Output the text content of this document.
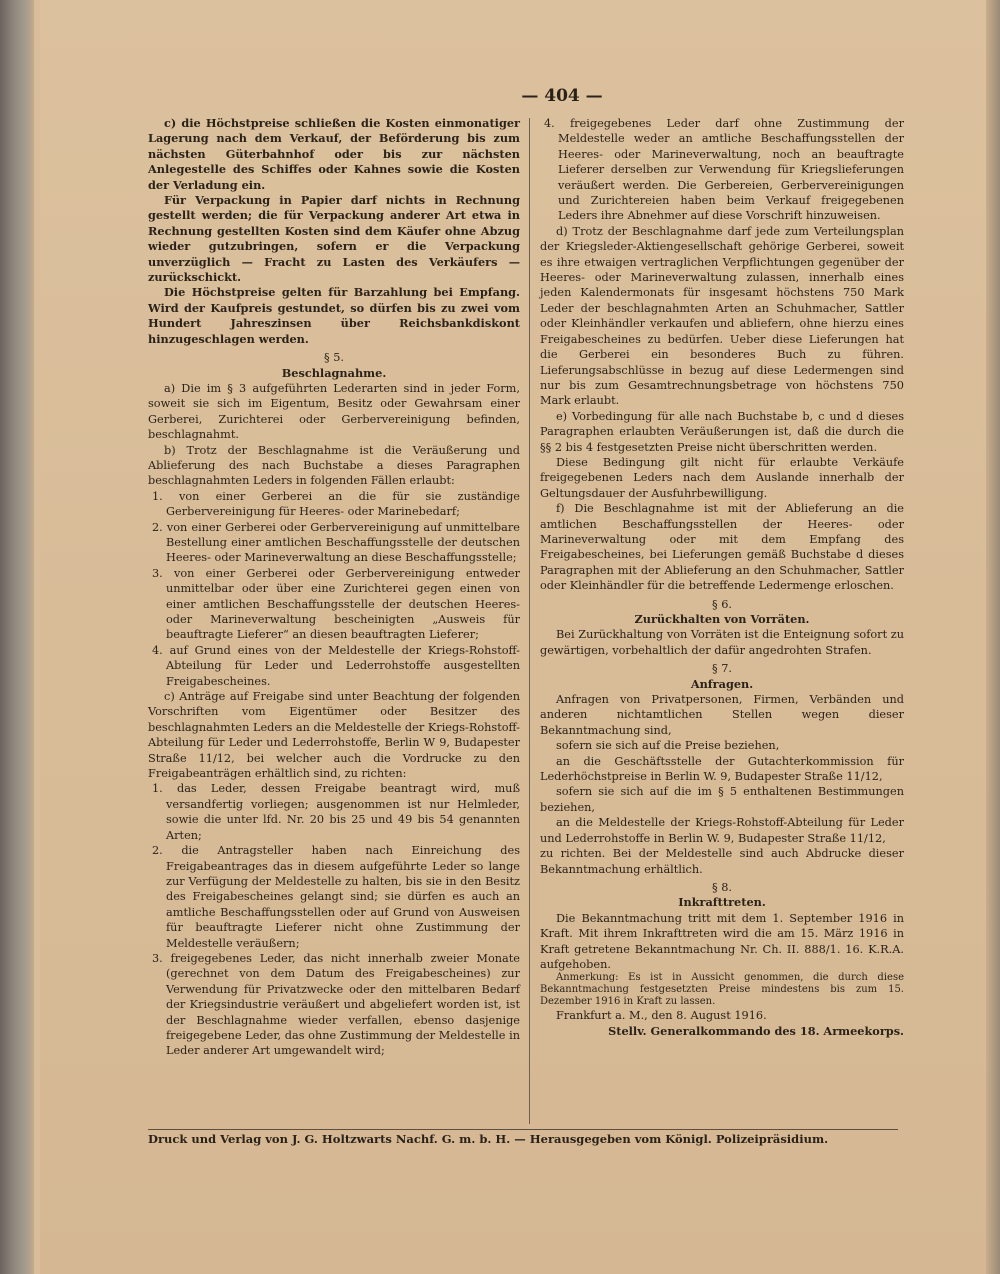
— 404 —

c) die Höchstpreise schließen die Kosten einmonatiger Lagerung nach dem Verkauf, der Beförderung bis zum nächsten Güterbahnhof oder bis zur nächsten Anlegestelle des Schiffes oder Kahnes sowie die Kosten der Verladung ein.

Für Verpackung in Papier darf nichts in Rechnung gestellt werden; die für Verpackung anderer Art etwa in Rechnung gestellten Kosten sind dem Käufer ohne Abzug wieder gutzubringen, sofern er die Verpackung unverzüglich — Fracht zu Lasten des Verkäufers — zurückschickt.

Die Höchstpreise gelten für Barzahlung bei Empfang. Wird der Kaufpreis gestundet, so dürfen bis zu zwei vom Hundert Jahreszinsen über Reichsbankdiskont hinzugeschlagen werden.

§ 5.

Beschlagnahme.

a) Die im § 3 aufgeführten Lederarten sind in jeder Form, soweit sie sich im Eigentum, Besitz oder Gewahrsam einer Gerberei, Zurichterei oder Gerbervereinigung befinden, beschlagnahmt.

b) Trotz der Beschlagnahme ist die Veräußerung und Ablieferung des nach Buchstabe a dieses Paragraphen beschlagnahmten Leders in folgenden Fällen erlaubt:

1. von einer Gerberei an die für sie zuständige Gerbervereinigung für Heeres- oder Marinebedarf;

2. von einer Gerberei oder Gerbervereinigung auf unmittelbare Bestellung einer amtlichen Beschaffungsstelle der deutschen Heeres- oder Marineverwaltung an diese Beschaffungsstelle;

3. von einer Gerberei oder Gerbervereinigung entweder unmittelbar oder über eine Zurichterei gegen einen von einer amtlichen Beschaffungsstelle der deutschen Heeres- oder Marineverwaltung bescheinigten „Ausweis für beauftragte Lieferer“ an diesen beauftragten Lieferer;

4. auf Grund eines von der Meldestelle der Kriegs-Rohstoff-Abteilung für Leder und Lederrohstoffe ausgestellten Freigabescheines.

c) Anträge auf Freigabe sind unter Beachtung der folgenden Vorschriften vom Eigentümer oder Besitzer des beschlagnahmten Leders an die Meldestelle der Kriegs-Rohstoff-Abteilung für Leder und Lederrohstoffe, Berlin W 9, Budapester Straße 11/12, bei welcher auch die Vordrucke zu den Freigabeanträgen erhältlich sind, zu richten:

1. das Leder, dessen Freigabe beantragt wird, muß versandfertig vorliegen; ausgenommen ist nur Helmleder, sowie die unter lfd. Nr. 20 bis 25 und 49 bis 54 genannten Arten;

2. die Antragsteller haben nach Einreichung des Freigabeantrages das in diesem aufgeführte Leder so lange zur Verfügung der Meldestelle zu halten, bis sie in den Besitz des Freigabescheines gelangt sind; sie dürfen es auch an amtliche Beschaffungsstellen oder auf Grund von Ausweisen für beauftragte Lieferer nicht ohne Zustimmung der Meldestelle veräußern;

3. freigegebenes Leder, das nicht innerhalb zweier Monate (gerechnet von dem Datum des Freigabescheines) zur Verwendung für Privatzwecke oder den mittelbaren Bedarf der Kriegsindustrie veräußert und abgeliefert worden ist, ist der Beschlagnahme wieder verfallen, ebenso dasjenige freigegebene Leder, das ohne Zustimmung der Meldestelle in Leder anderer Art umgewandelt wird;

4. freigegebenes Leder darf ohne Zustimmung der Meldestelle weder an amtliche Beschaffungsstellen der Heeres- oder Marineverwaltung, noch an beauftragte Lieferer derselben zur Verwendung für Kriegslieferungen veräußert werden. Die Gerbereien, Gerbervereinigungen und Zurichtereien haben beim Verkauf freigegebenen Leders ihre Abnehmer auf diese Vorschrift hinzuweisen.

d) Trotz der Beschlagnahme darf jede zum Verteilungsplan der Kriegsleder-Aktiengesellschaft gehörige Gerberei, soweit es ihre etwaigen vertraglichen Verpflichtungen gegenüber der Heeres- oder Marineverwaltung zulassen, innerhalb eines jeden Kalendermonats für insgesamt höchstens 750 Mark Leder der beschlagnahmten Arten an Schuhmacher, Sattler oder Kleinhändler verkaufen und abliefern, ohne hierzu eines Freigabescheines zu bedürfen. Ueber diese Lieferungen hat die Gerberei ein besonderes Buch zu führen. Lieferungsabschlüsse in bezug auf diese Ledermengen sind nur bis zum Gesamtrechnungsbetrage von höchstens 750 Mark erlaubt.

e) Vorbedingung für alle nach Buchstabe b, c und d dieses Paragraphen erlaubten Veräußerungen ist, daß die durch die §§ 2 bis 4 festgesetzten Preise nicht überschritten werden.

Diese Bedingung gilt nicht für erlaubte Verkäufe freigegebenen Leders nach dem Auslande innerhalb der Geltungsdauer der Ausfuhrbewilligung.

f) Die Beschlagnahme ist mit der Ablieferung an die amtlichen Beschaffungsstellen der Heeres- oder Marineverwaltung oder mit dem Empfang des Freigabescheines, bei Lieferungen gemäß Buchstabe d dieses Paragraphen mit der Ablieferung an den Schuhmacher, Sattler oder Kleinhändler für die betreffende Ledermenge erloschen.

§ 6.

Zurückhalten von Vorräten.

Bei Zurückhaltung von Vorräten ist die Enteignung sofort zu gewärtigen, vorbehaltlich der dafür angedrohten Strafen.

§ 7.

Anfragen.

Anfragen von Privatpersonen, Firmen, Verbänden und anderen nichtamtlichen Stellen wegen dieser Bekanntmachung sind,

sofern sie sich auf die Preise beziehen,

an die Geschäftsstelle der Gutachterkommission für Lederhöchstpreise in Berlin W. 9, Budapester Straße 11/12,

sofern sie sich auf die im § 5 enthaltenen Bestimmungen beziehen,

an die Meldestelle der Kriegs-Rohstoff-Abteilung für Leder und Lederrohstoffe in Berlin W. 9, Budapester Straße 11/12,

zu richten. Bei der Meldestelle sind auch Abdrucke dieser Bekanntmachung erhältlich.

§ 8.

Inkrafttreten.

Die Bekanntmachung tritt mit dem 1. September 1916 in Kraft. Mit ihrem Inkrafttreten wird die am 15. März 1916 in Kraft getretene Bekanntmachung Nr. Ch. II. 888/1. 16. K.R.A. aufgehoben.

Anmerkung: Es ist in Aussicht genommen, die durch diese Bekanntmachung festgesetzten Preise mindestens bis zum 15. Dezember 1916 in Kraft zu lassen.

Frankfurt a. M., den 8. August 1916.

Stellv. Generalkommando des 18. Armeekorps.

Druck und Verlag von J. G. Holtzwarts Nachf. G. m. b. H. — Herausgegeben vom Königl. Polizeipräsidium.
